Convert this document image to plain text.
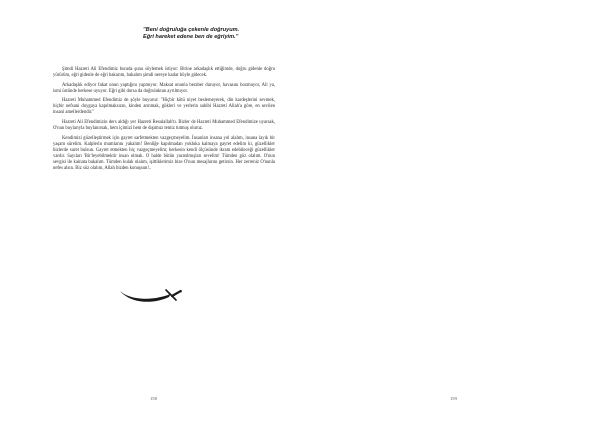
"Beni doğruluğa çekenle doğruyum.
Eğri hareket edene ben de eğriyim."

Şimdi Hazreti Ali Efendimiz burada şunu söylemek istiyor: Birine arkadaşlık ettiğimde, doğru gidenle doğru yürürüm, eğri gidenle de eğri bakarım, bakalım şimdi nereye kadar böyle gidecek.

Arkadaşlık ediyor fakat onun yaptığını yapmıyor. Maksat onunla beraber duruyor, havasını bozmuyor, Ali ya, ismi üstünde herkese uyuyor. Eğri gibi dursa da doğruluktan ayrılmıyor.

Hazreti Muhammed Efendimiz de şöyle buyurur: "Hiçbir kötü niyet beslemeyerek, din kardeşlerini sevmek, hiçbir nefsani duygaya kapılmaksızın, kinden arınmak, gökleri ve yerlerin sahibi Hazreti Allah'a göre, en sevilen insani amellerdendir."

Hazreti Ali Efendimizin ders aldığı yer Hazreti Resulallah'tı. Bizler de Hazreti Muhammed Efendimize uyarsak, O'nun buylarıyla buylanırsak, hem içimizi hem de dışımızı temiz tutmuş oluruz.

Kendimizi güzelleştirmek için gayret sarfetmekten vazgeçmeyelim. İnsanları insana yol alalım, insana layık bir yaşam sürelim. Kalplerin mumlarını yakalım! Benliğe kapılmadan yokluka kalmaya gayret edelim ki, güzellikler bizlerde suret bulsun. Gayret etmekten hiç vazgeçmeyelim; herkesin kendi ölçüsünde ikram edebileceği güzellikler vardır. Sayıları 'Bir'leyebilmektir insan olmak. O halde bütün yaratılmışları sevelim! Tümden göz olalım. O'nun sevgisi ile kainata bakalım. Tümden kulak olalım, işittiklerimiz bize O'nun mesajlarını getirsin. Her zerreniz O'nunla nefes alsın. Biz söz olalım, Allah bizden konuşsun!..

158	159
